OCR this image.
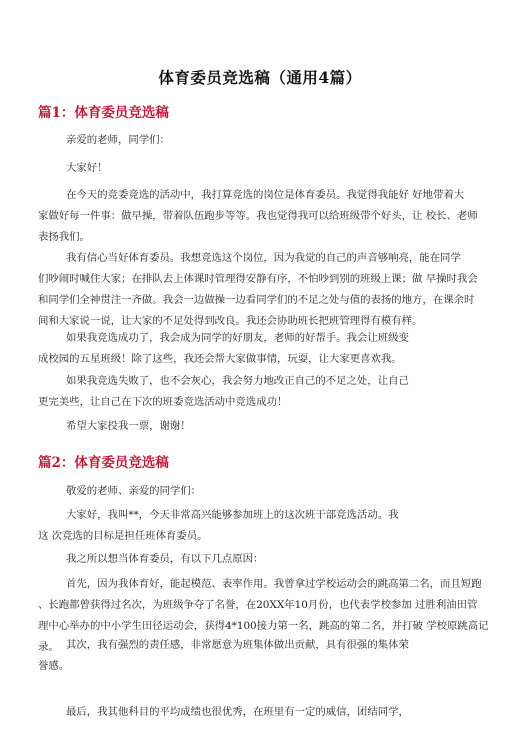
体育委员竞选稿（通用4篇）
篇1：体育委员竞选稿
亲爱的老师，同学们：
大家好！
在今天的竞委竞选的活动中，我打算竞选的岗位是体育委员。我觉得我能好 好地带着大
家做好每一件事：做早操，带着队伍跑步等等。我也觉得我可以给班级带个好头，让 校长、老师
表扬我们。
我有信心当好体育委员。我想竞选这个岗位，因为我觉的自己的声音够响亮，能在同学
们吵闹时喊住大家；在排队去上体课时管理得安静有序，不怕吵到别的班级上课；做 早操时我会
和同学们全神贯注一齐做。我会一边做操一边看同学们的不足之处与值的表扬的地方，在课余时
间和大家说一说，让大家的不足处得到改良。我还会协助班长把班管理得有模有样。
如果我竞选成功了，我会成为同学的好朋友，老师的好帮手。我会让班级变
成校园的五星班级！除了这些，我还会帮大家做事情，玩耍，让大家更喜欢我。
如果我竞选失败了，也不会灰心，我会努力地改正自己的不足之处，让自己
更完美些，让自己在下次的班委竞选活动中竞选成功！
希望大家投我一票，谢谢！
篇2：体育委员竞选稿
敬爱的老师、亲爱的同学们：
大家好，我叫**，今天非常高兴能够参加班上的这次班干部竞选活动。我
这 次竞选的目标是担任班体育委员。
我之所以想当体育委员，有以下几点原因：
首先，因为我体育好，能起模范、表率作用。我曾拿过学校运动会的跳高第二名，而且短跑
、长跑都曾获得过名次，为班级争夺了名誉，在20XX年10月份，也代表学校参加 过胜利油田管
理中心举办的中小学生田径运动会，获得4*100接力第一名，跳高的第二名，并打破 学校原跳高记
录。 其次，我有强烈的责任感，非常愿意为班集体做出贡献，具有很强的集体荣
誉感。
最后，我其他科目的平均成绩也很优秀，在班里有一定的威信，团结同学，
